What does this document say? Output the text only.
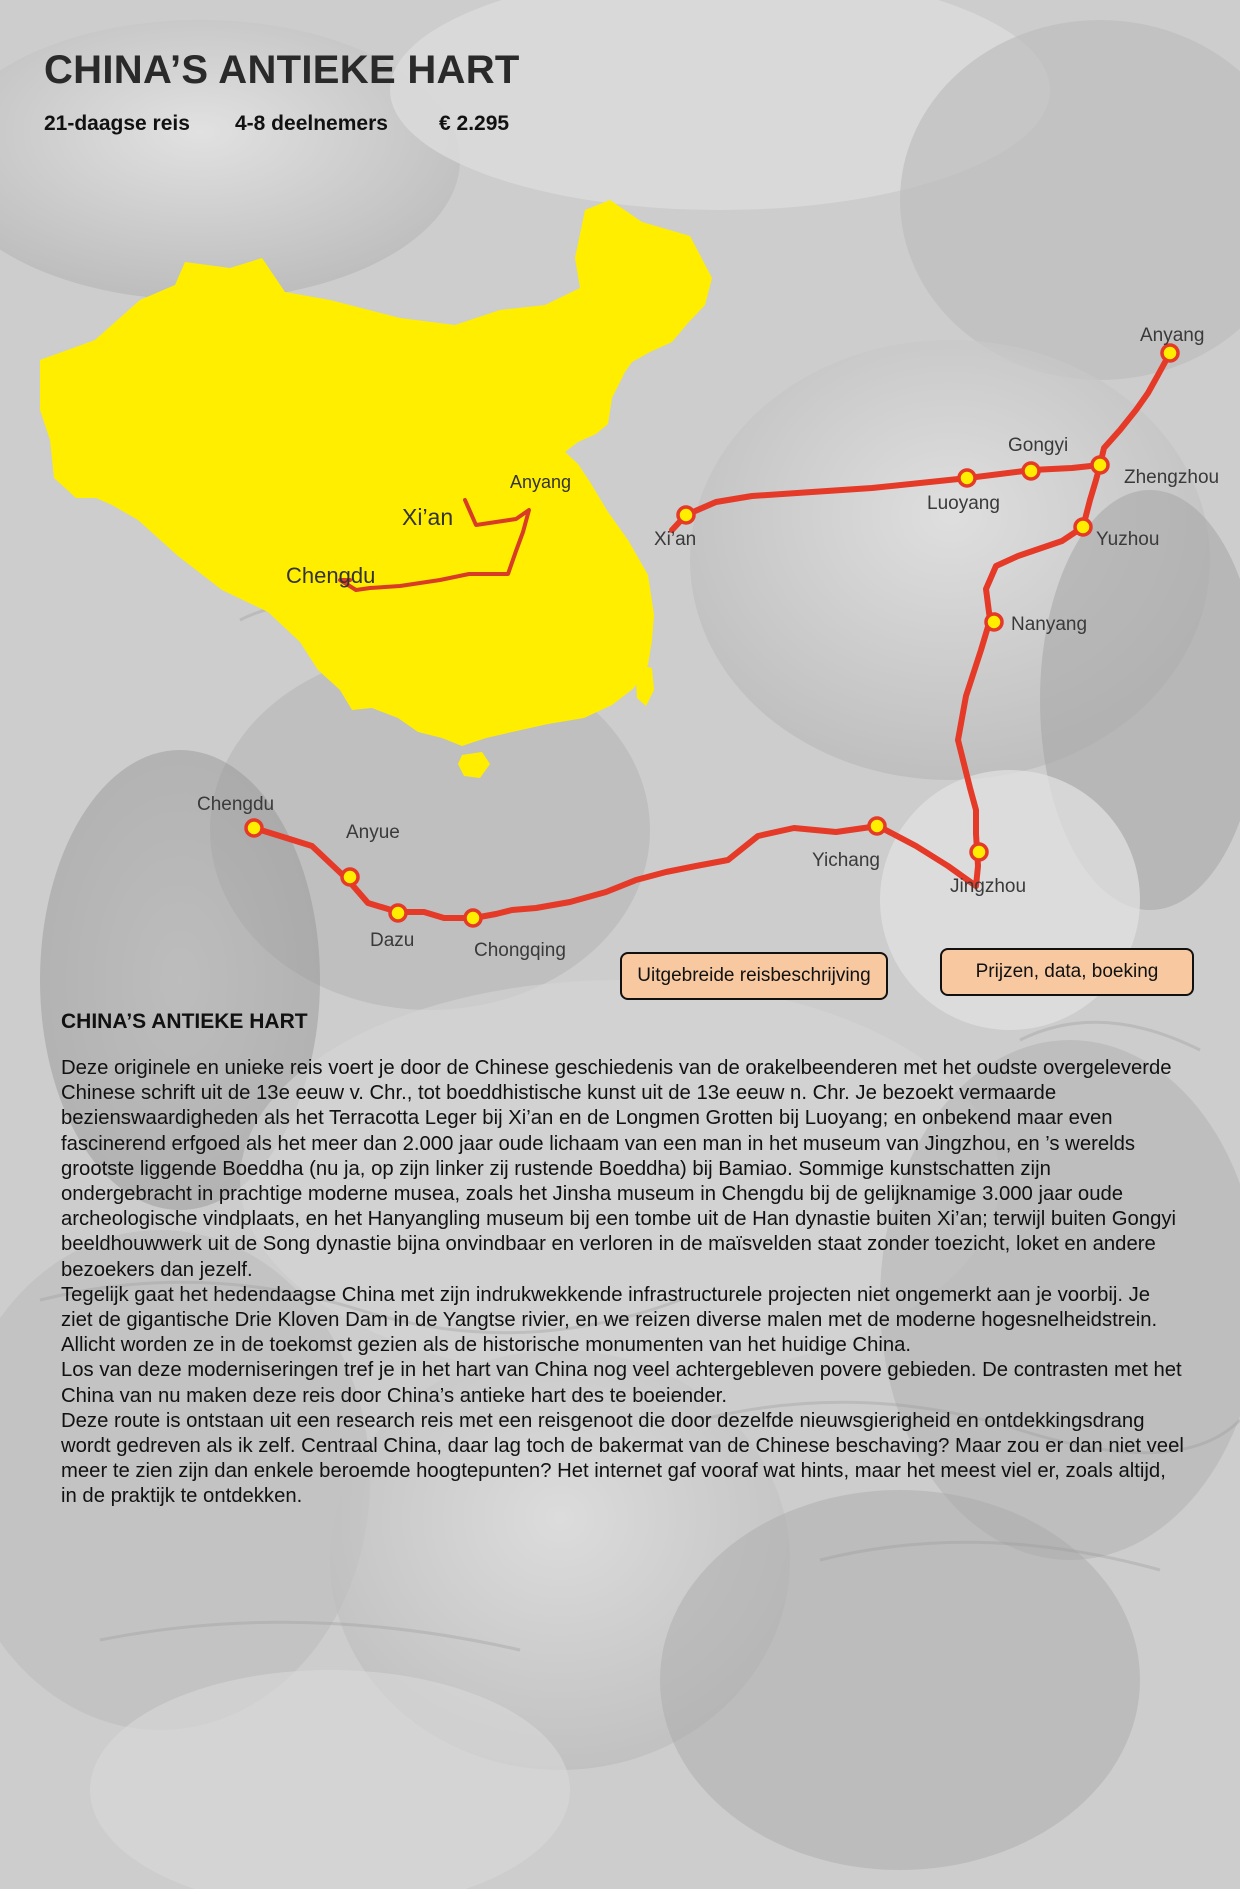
CHINA’S ANTIEKE HART
21-daagse reis 4-8 deelnemers € 2.295
Xi’an
Anyang
Chengdu
Anyang
Gongyi
Zhengzhou
Luoyang
Xi’an	Yuzhou
Nanyang
Jingzhou
Yichang
Chongqing
Dazu
Anyue
Chengdu
Uitgebreide reisbeschrijving	Prijzen, data, boeking
CHINA’S ANTIEKE HART

Deze originele en unieke reis voert je door de Chinese geschiedenis van de orakelbeenderen met het oudste overgeleverde Chinese schrift uit de 13e eeuw v. Chr., tot boeddhistische kunst uit de 13e eeuw n. Chr. Je bezoekt vermaarde bezienswaardigheden als het Terracotta Leger bij Xi’an en de Longmen Grotten bij Luoyang; en onbekend maar even fascinerend erfgoed als het meer dan 2.000 jaar oude lichaam van een man in het museum van Jingzhou, en ’s werelds grootste liggende Boeddha (nu ja, op zijn linker zij rustende Boeddha) bij Bamiao. Sommige kunstschatten zijn ondergebracht in prachtige moderne musea, zoals het Jinsha museum in Chengdu bij de gelijknamige 3.000 jaar oude archeologische vindplaats, en het Hanyangling museum bij een tombe uit de Han dynastie buiten Xi’an; terwijl buiten Gongyi beeldhouwwerk uit de Song dynastie bijna onvindbaar en verloren in de maïsvelden staat zonder toezicht, loket en andere bezoekers dan jezelf.

Tegelijk gaat het hedendaagse China met zijn indrukwekkende infrastructurele projecten niet ongemerkt aan je voorbij. Je ziet de gigantische Drie Kloven Dam in de Yangtse rivier, en we reizen diverse malen met de moderne hogesnelheidstrein. Allicht worden ze in de toekomst gezien als de historische monumenten van het huidige China.

Los van deze moderniseringen tref je in het hart van China nog veel achtergebleven povere gebieden. De contrasten met het China van nu maken deze reis door China’s antieke hart des te boeiender.

Deze route is ontstaan uit een research reis met een reisgenoot die door dezelfde nieuwsgierigheid en ontdekkingsdrang wordt gedreven als ik zelf. Centraal China, daar lag toch de bakermat van de Chinese beschaving? Maar zou er dan niet veel meer te zien zijn dan enkele beroemde hoogtepunten? Het internet gaf vooraf wat hints, maar het meest viel er, zoals altijd, in de praktijk te ontdekken.
